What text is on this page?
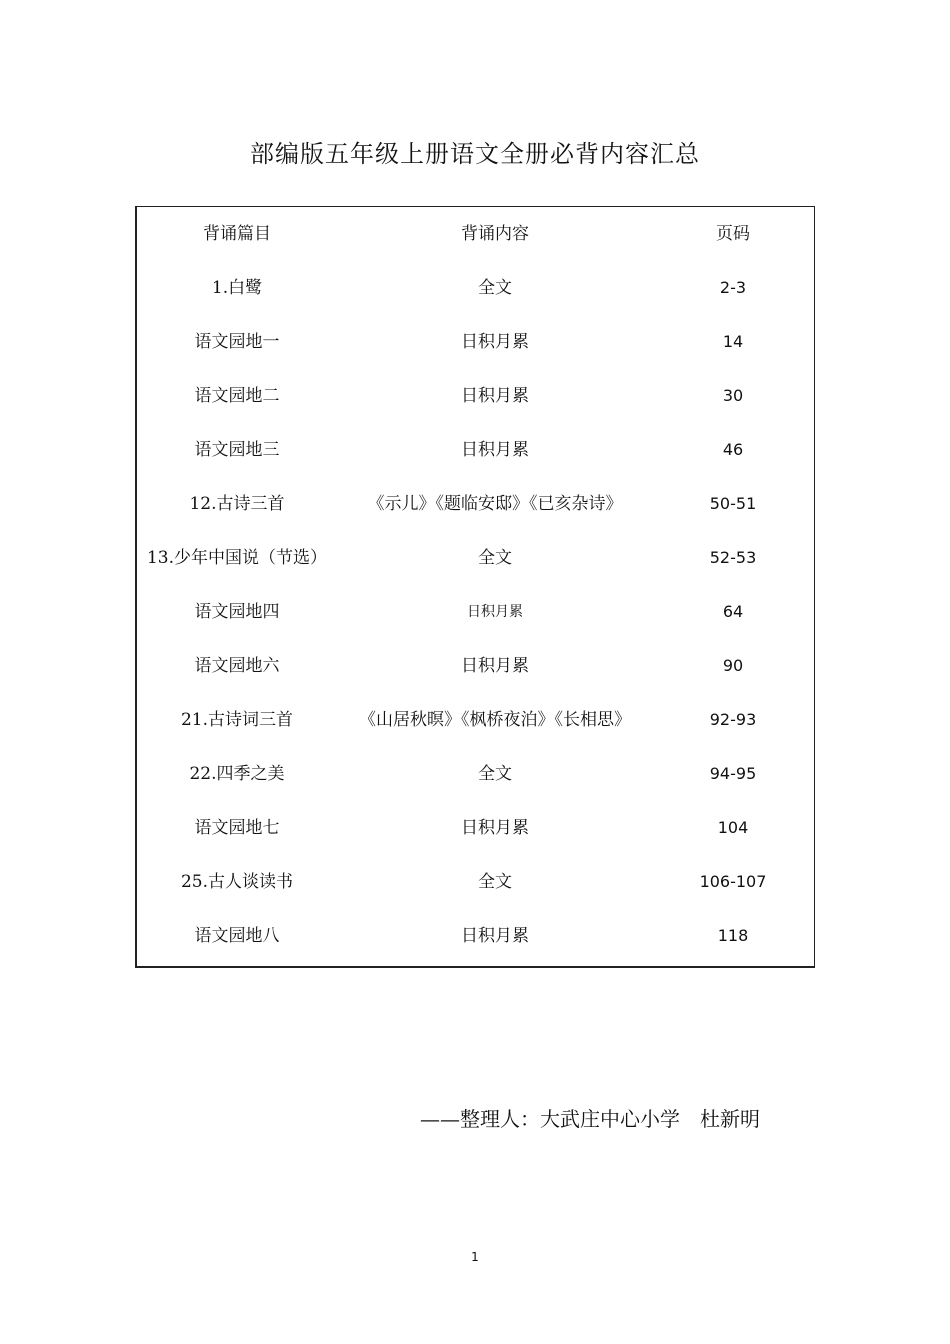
部编版五年级上册语文全册必背内容汇总
背诵篇目	背诵内容	页码
1.白鹭	全文	2-3
语文园地一	日积月累	14
语文园地二	日积月累	30
语文园地三	日积月累	46
12.古诗三首	《示儿》《题临安邸》《已亥杂诗》	50-51
13.少年中国说（节选）	全文	52-53
语文园地四	日积月累	64
语文园地六	日积月累	90
21.古诗词三首	《山居秋暝》《枫桥夜泊》《长相思》	92-93
22.四季之美	全文	94-95
语文园地七	日积月累	104
25.古人谈读书	全文	106-107
语文园地八	日积月累	118
——整理人：大武庄中心小学　杜新明
1
